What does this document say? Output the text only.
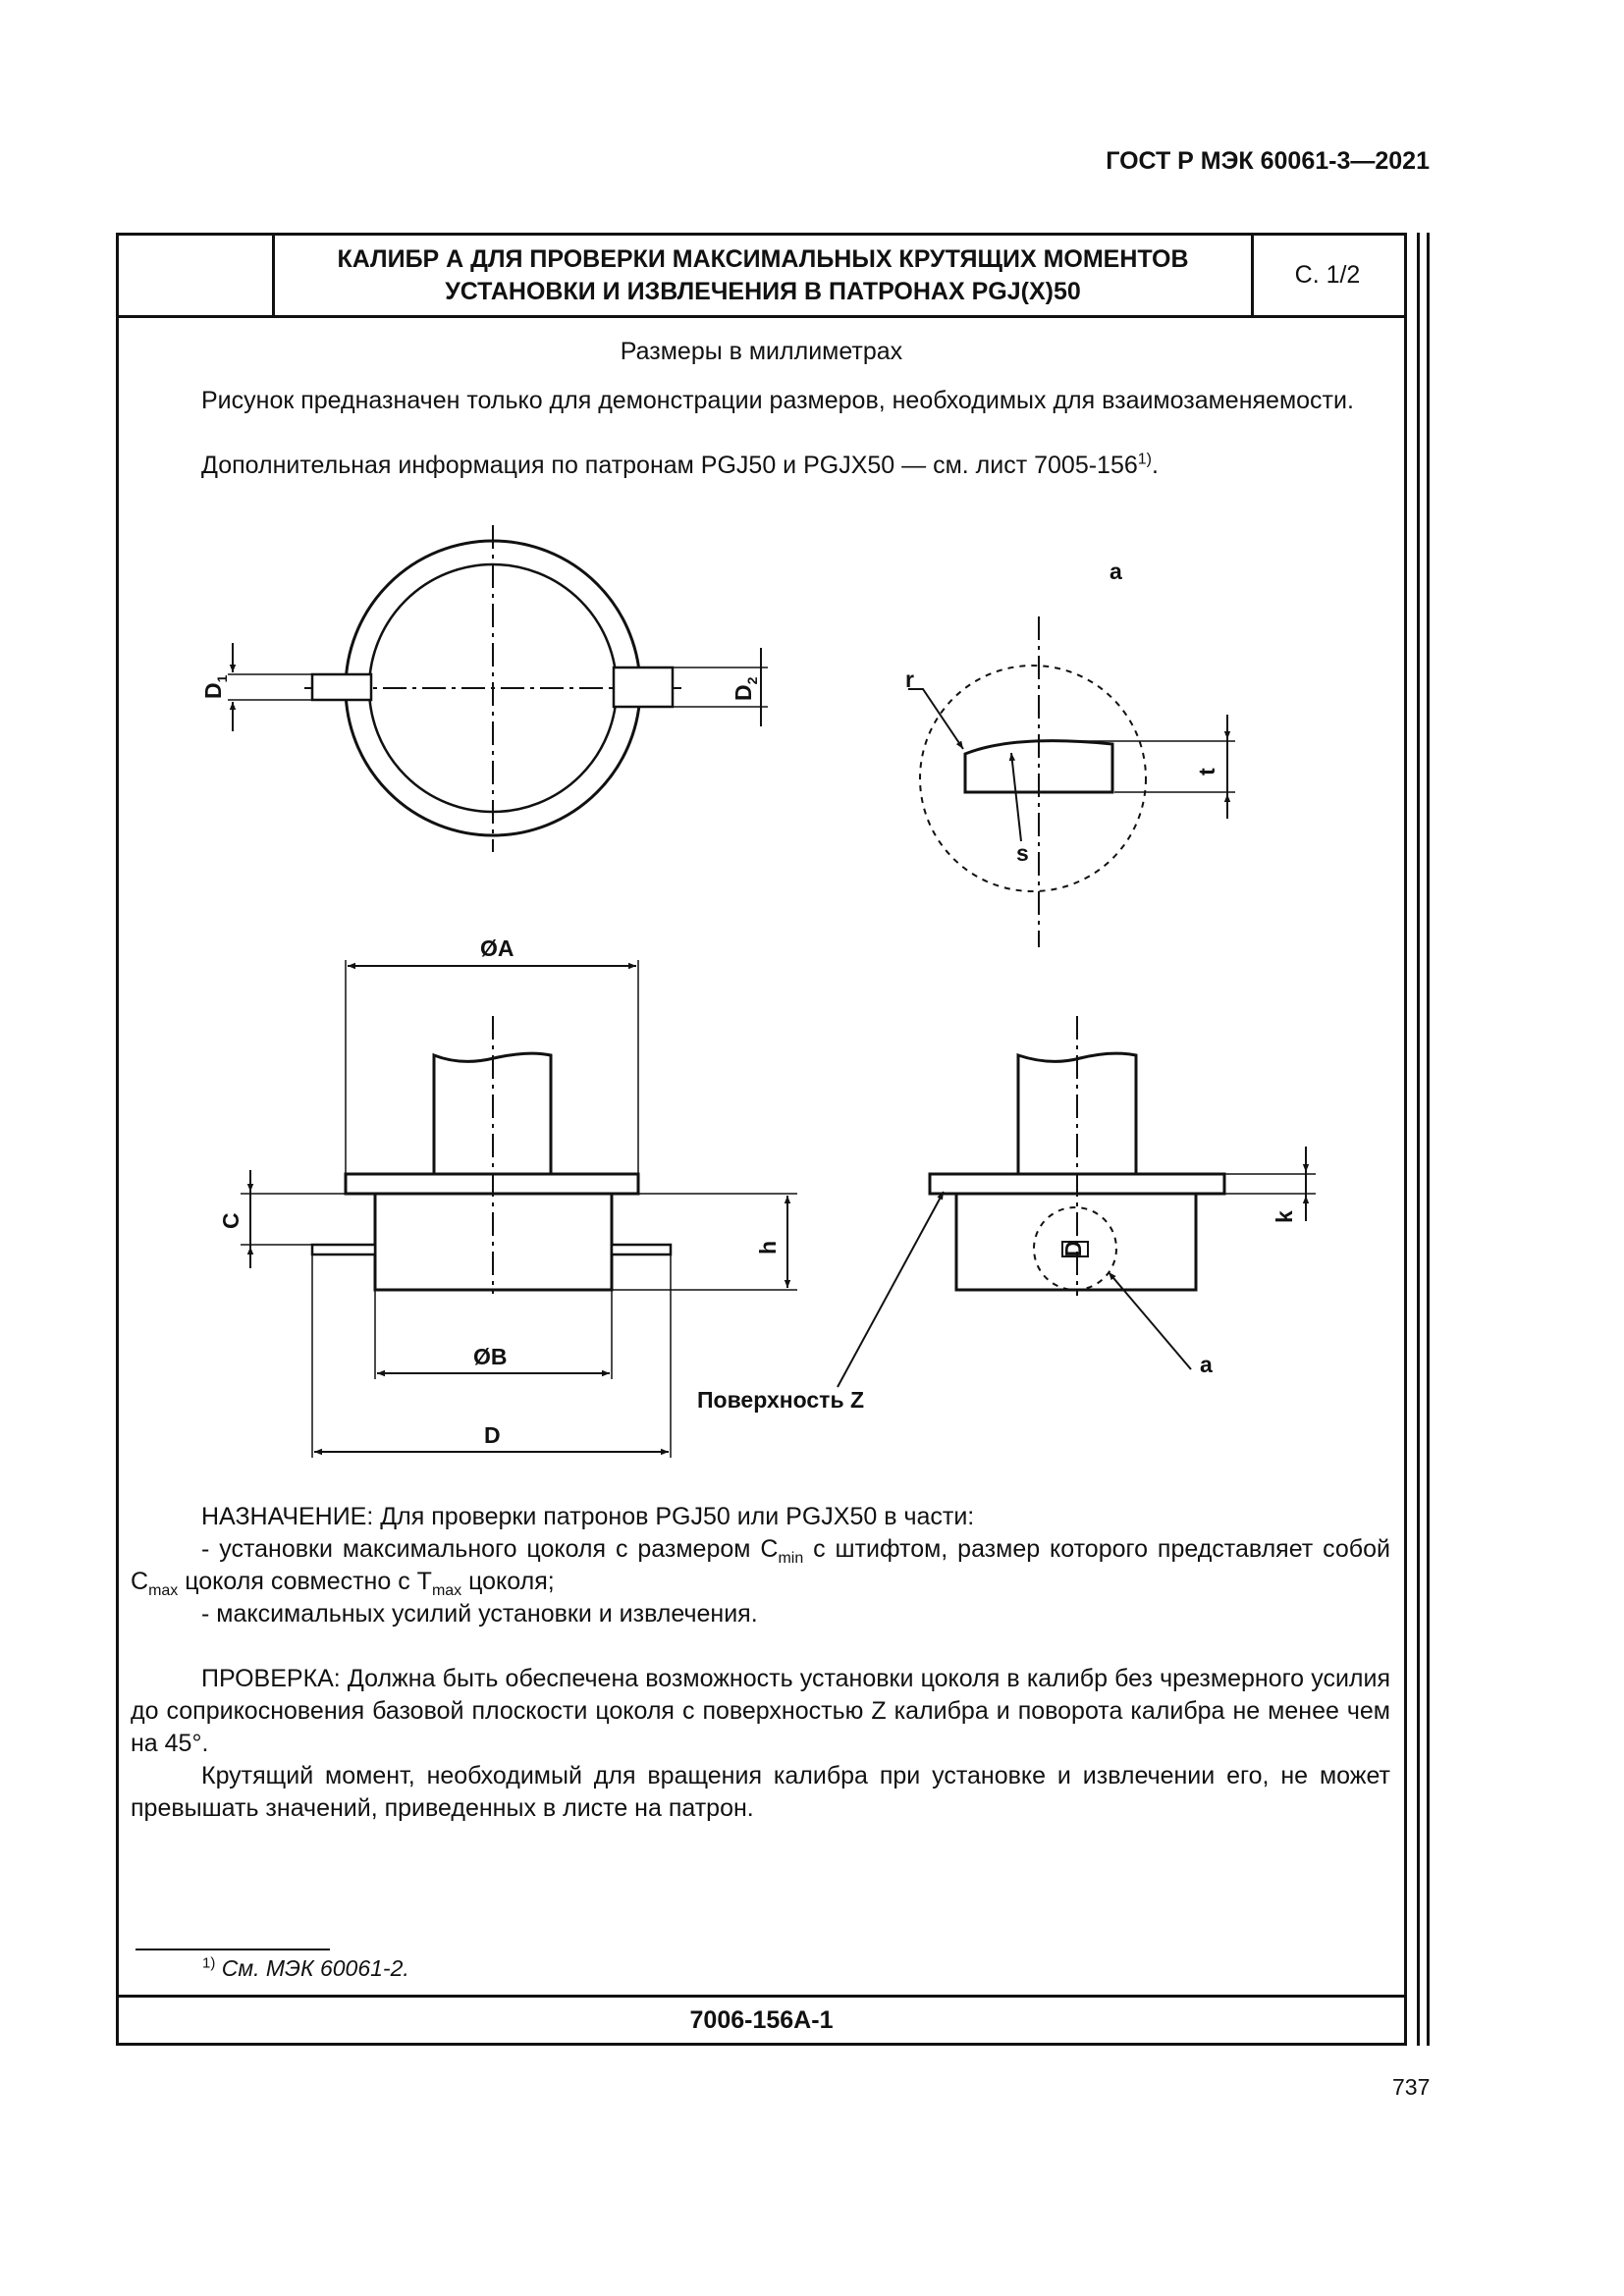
ГОСТ Р МЭК 60061-3—2021
КАЛИБР А ДЛЯ ПРОВЕРКИ МАКСИМАЛЬНЫХ КРУТЯЩИХ МОМЕНТОВ
УСТАНОВКИ И ИЗВЛЕЧЕНИЯ В ПАТРОНАХ PGJ(X)50
С. 1/2
Размеры в миллиметрах
Рисунок предназначен только для демонстрации размеров, необходимых для взаимозаменяемости.
Дополнительная информация по патронам PGJ50 и PGJX50 — см. лист 7005-156$^{1)}$.
НАЗНАЧЕНИЕ: Для проверки патронов PGJ50 или PGJX50 в части:
- установки максимального цоколя с размером $C_{min}$ с штифтом, размер которого представляет собой $C_{max}$ цоколя совместно с $T_{max}$ цоколя;
- максимальных усилий установки и извлечения.
ПРОВЕРКА: Должна быть обеспечена возможность установки цоколя в калибр без чрезмерного усилия до соприкосновения базовой плоскости цоколя с поверхностью Z калибра и поворота калибра не менее чем на 45°.
Крутящий момент, необходимый для вращения калибра при установке и извлечении его, не может превышать значений, приведенных в листе на патрон.
$^{1)}$ См. МЭК 60061-2.
7006-156A-1
$D_1$
$D_2$
a
r
s
t
ØA
ØB
D
C
h
k
D
a
Поверхность Z
737
